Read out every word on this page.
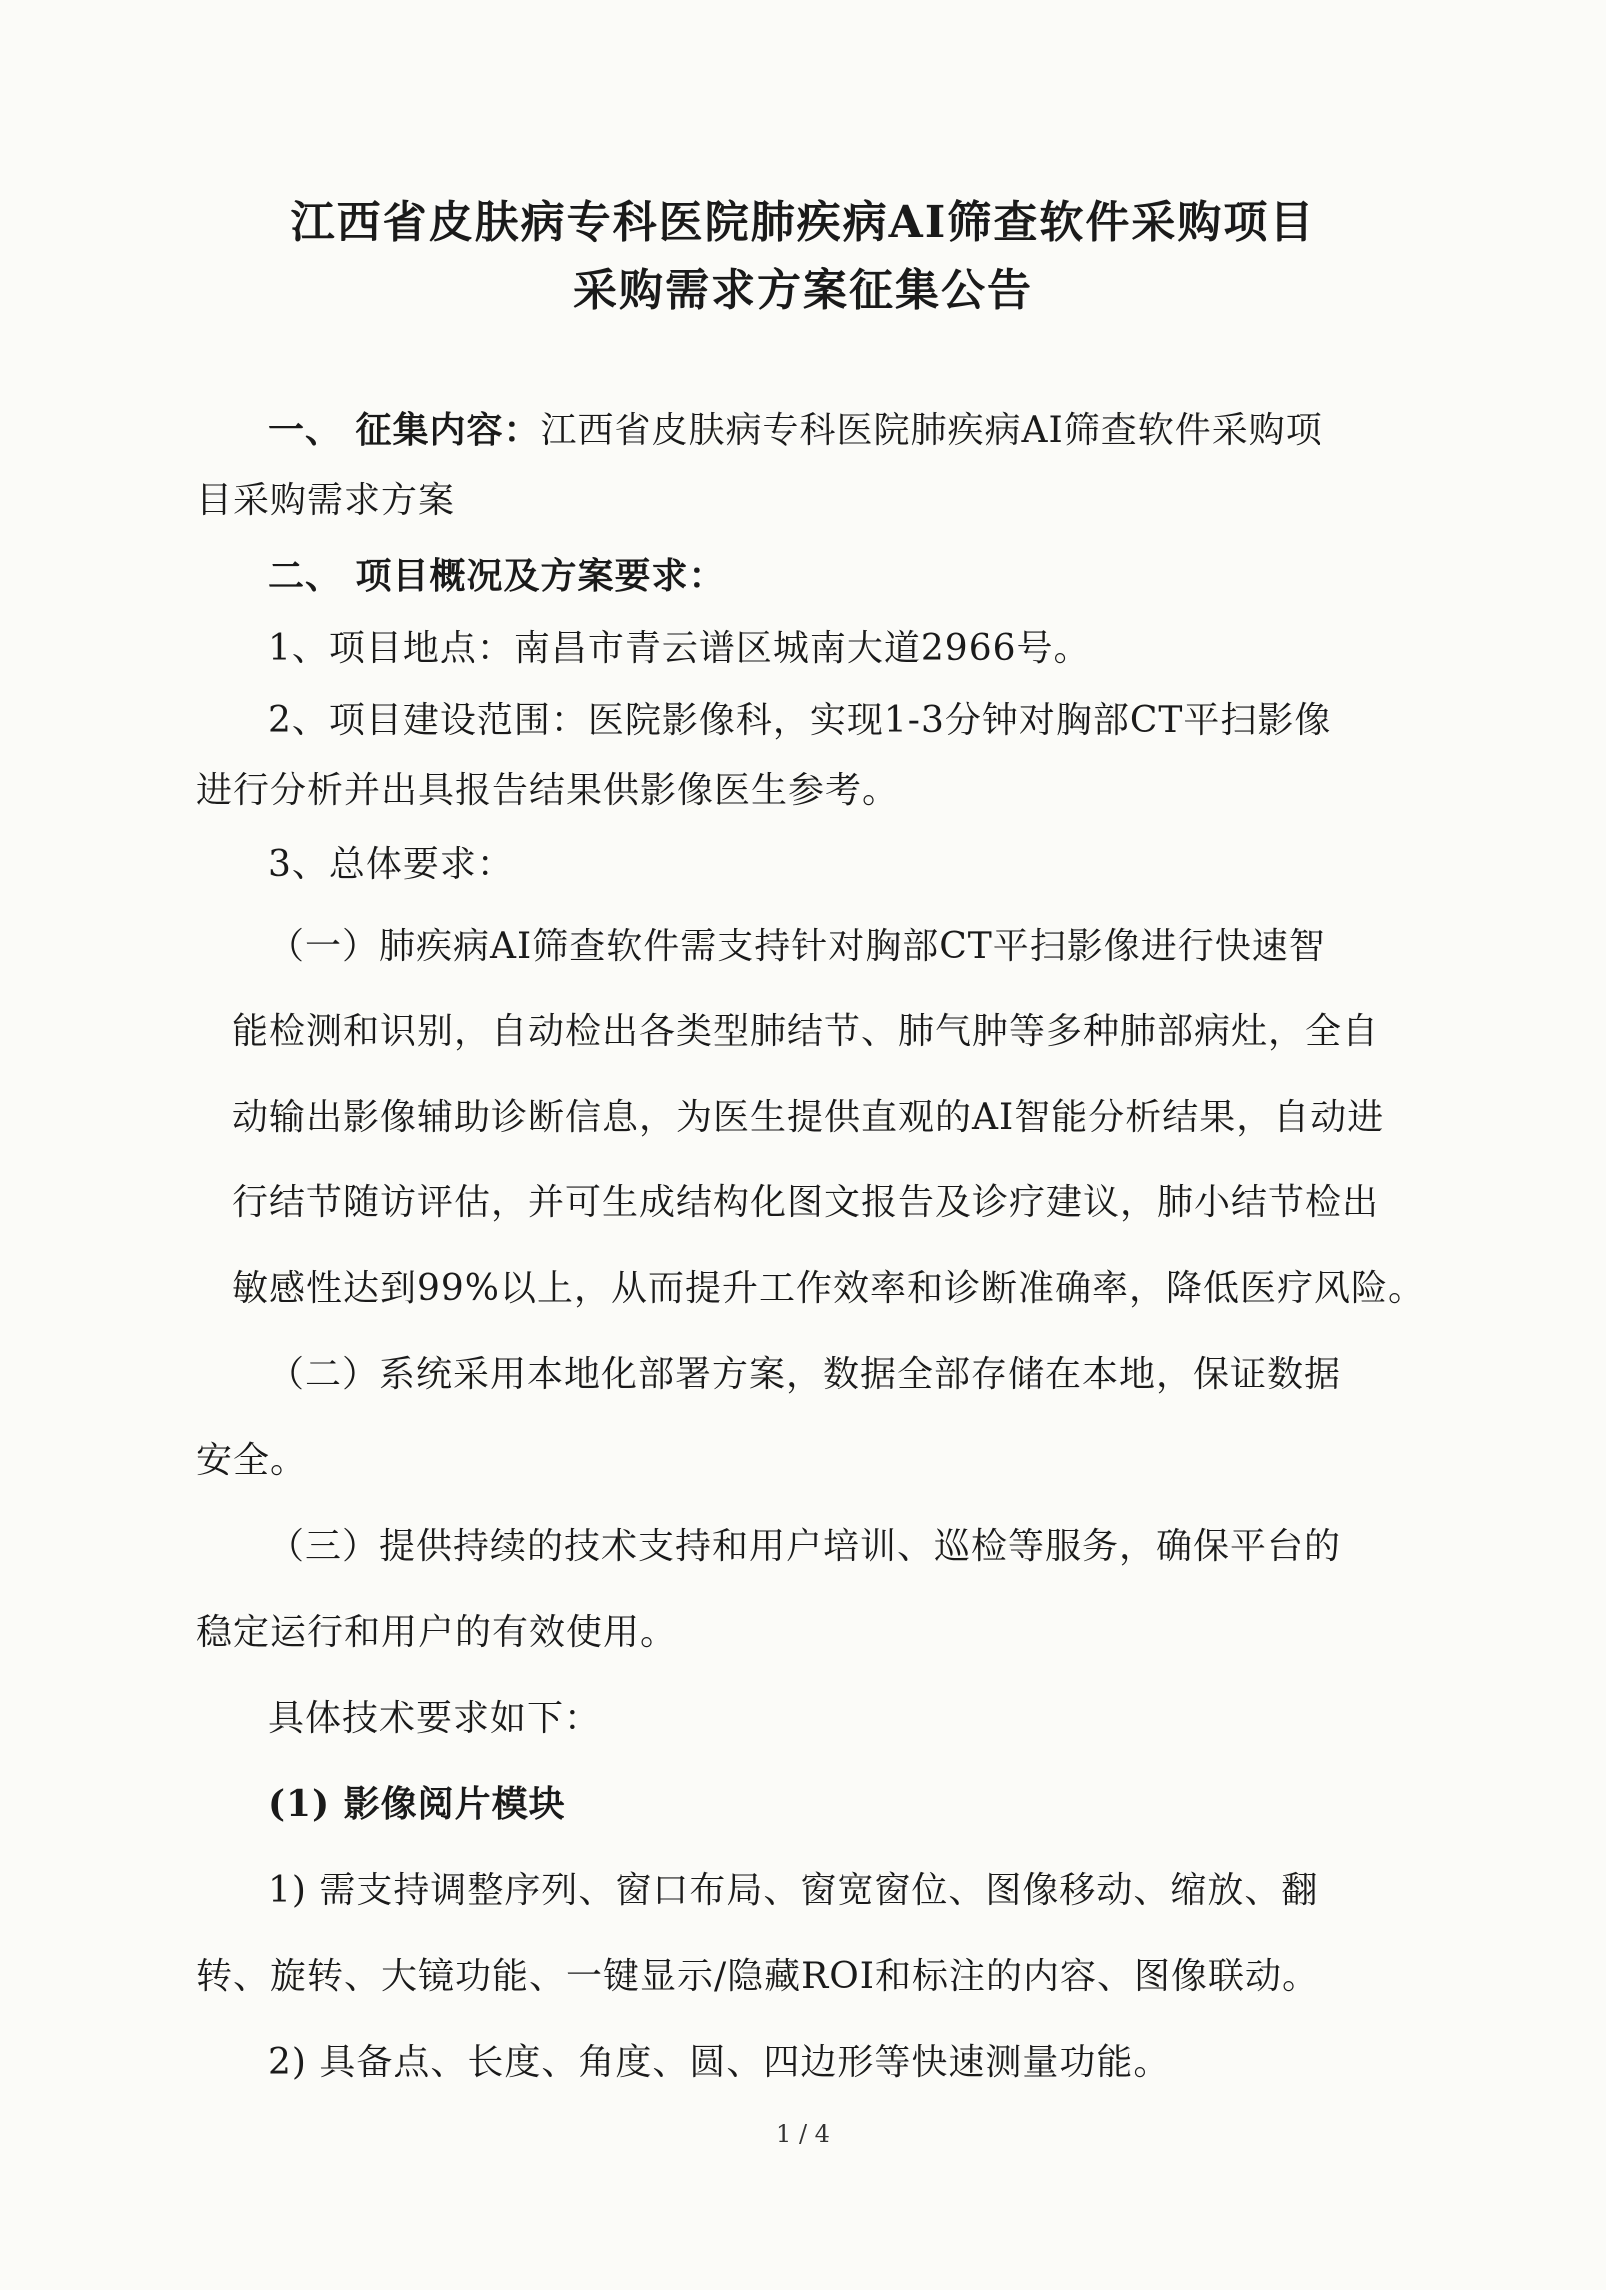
江西省皮肤病专科医院肺疾病AI筛查软件采购项目
采购需求方案征集公告
一、 征集内容：江西省皮肤病专科医院肺疾病AI筛查软件采购项
目采购需求方案
二、 项目概况及方案要求：
1、项目地点：南昌市青云谱区城南大道2966号。
2、项目建设范围：医院影像科，实现1-3分钟对胸部CT平扫影像
进行分析并出具报告结果供影像医生参考。
3、总体要求：
（一）肺疾病AI筛查软件需支持针对胸部CT平扫影像进行快速智
能检测和识别，自动检出各类型肺结节、肺气肿等多种肺部病灶，全自
动输出影像辅助诊断信息，为医生提供直观的AI智能分析结果，自动进
行结节随访评估，并可生成结构化图文报告及诊疗建议，肺小结节检出
敏感性达到99%以上，从而提升工作效率和诊断准确率，降低医疗风险。
（二）系统采用本地化部署方案，数据全部存储在本地，保证数据
安全。
（三）提供持续的技术支持和用户培训、巡检等服务，确保平台的
稳定运行和用户的有效使用。
具体技术要求如下：
(1) 影像阅片模块
1) 需支持调整序列、窗口布局、窗宽窗位、图像移动、缩放、翻
转、旋转、大镜功能、一键显示/隐藏ROI和标注的内容、图像联动。
2) 具备点、长度、角度、圆、四边形等快速测量功能。
1 / 4
